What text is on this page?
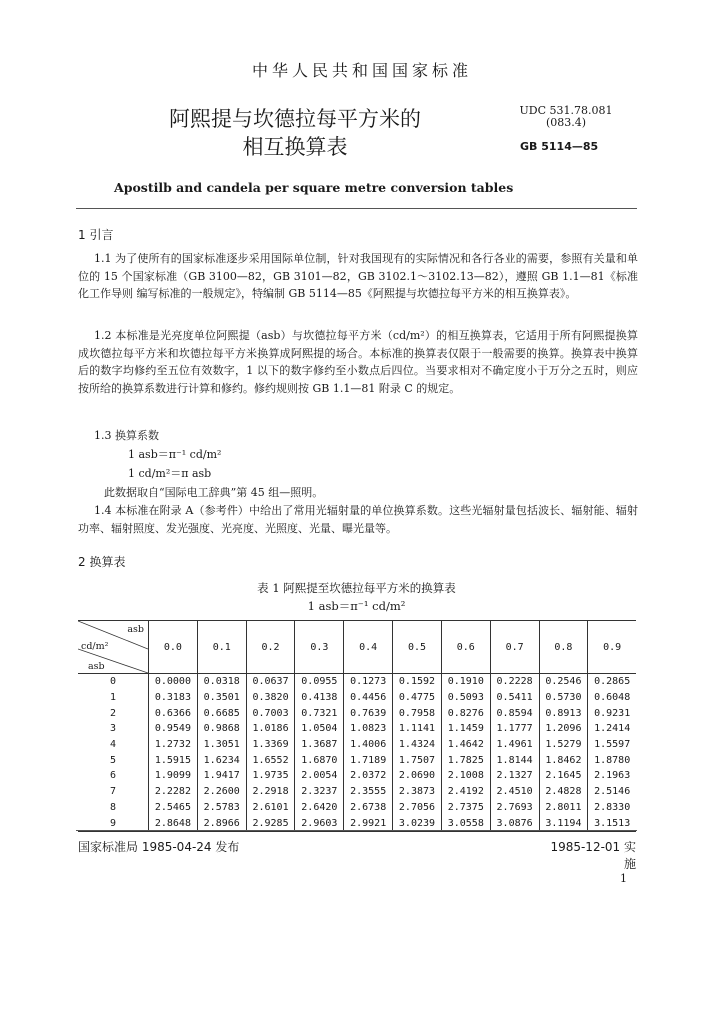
中华人民共和国国家标准
阿熙提与坎德拉每平方米的
相互换算表
UDC 531.78.081
(083.4)
GB 5114—85
Apostilb and candela per square metre conversion tables
1 引言
1.1 为了使所有的国家标准逐步采用国际单位制，针对我国现有的实际情况和各行各业的需要，参照有关量和单位的 15 个国家标准（GB 3100—82，GB 3101—82，GB 3102.1～3102.13—82），遵照 GB 1.1—81《标准化工作导则 编写标准的一般规定》，特编制 GB 5114—85《阿熙提与坎德拉每平方米的相互换算表》。
1.2 本标准是光亮度单位阿熙提（asb）与坎德拉每平方米（cd/m²）的相互换算表，它适用于所有阿熙提换算成坎德拉每平方米和坎德拉每平方米换算成阿熙提的场合。本标准的换算表仅限于一般需要的换算。换算表中换算后的数字均修约至五位有效数字，1 以下的数字修约至小数点后四位。当要求相对不确定度小于万分之五时，则应按所给的换算系数进行计算和修约。修约规则按 GB 1.1—81 附录 C 的规定。
1.3 换算系数
1 asb＝π⁻¹ cd/m²
1 cd/m²＝π asb
此数据取自“国际电工辞典”第 45 组—照明。
1.4 本标准在附录 A（参考件）中给出了常用光辐射量的单位换算系数。这些光辐射量包括波长、辐射能、辐射功率、辐射照度、发光强度、光亮度、光照度、光量、曝光量等。
2 换算表
表 1 阿熙提至坎德拉每平方米的换算表
1 asb＝π⁻¹ cd/m²
asb
cd/m²
asb	0.0	0.1	0.2	0.3	0.4	0.5	0.6	0.7	0.8	0.9
0	0.0000	0.0318	0.0637	0.0955	0.1273	0.1592	0.1910	0.2228	0.2546	0.2865
1	0.3183	0.3501	0.3820	0.4138	0.4456	0.4775	0.5093	0.5411	0.5730	0.6048
2	0.6366	0.6685	0.7003	0.7321	0.7639	0.7958	0.8276	0.8594	0.8913	0.9231
3	0.9549	0.9868	1.0186	1.0504	1.0823	1.1141	1.1459	1.1777	1.2096	1.2414
4	1.2732	1.3051	1.3369	1.3687	1.4006	1.4324	1.4642	1.4961	1.5279	1.5597
5	1.5915	1.6234	1.6552	1.6870	1.7189	1.7507	1.7825	1.8144	1.8462	1.8780
6	1.9099	1.9417	1.9735	2.0054	2.0372	2.0690	2.1008	2.1327	2.1645	2.1963
7	2.2282	2.2600	2.2918	2.3237	2.3555	2.3873	2.4192	2.4510	2.4828	2.5146
8	2.5465	2.5783	2.6101	2.6420	2.6738	2.7056	2.7375	2.7693	2.8011	2.8330
9	2.8648	2.8966	2.9285	2.9603	2.9921	3.0239	3.0558	3.0876	3.1194	3.1513
国家标准局 1985-04-24 发布	1985-12-01 实施
1
